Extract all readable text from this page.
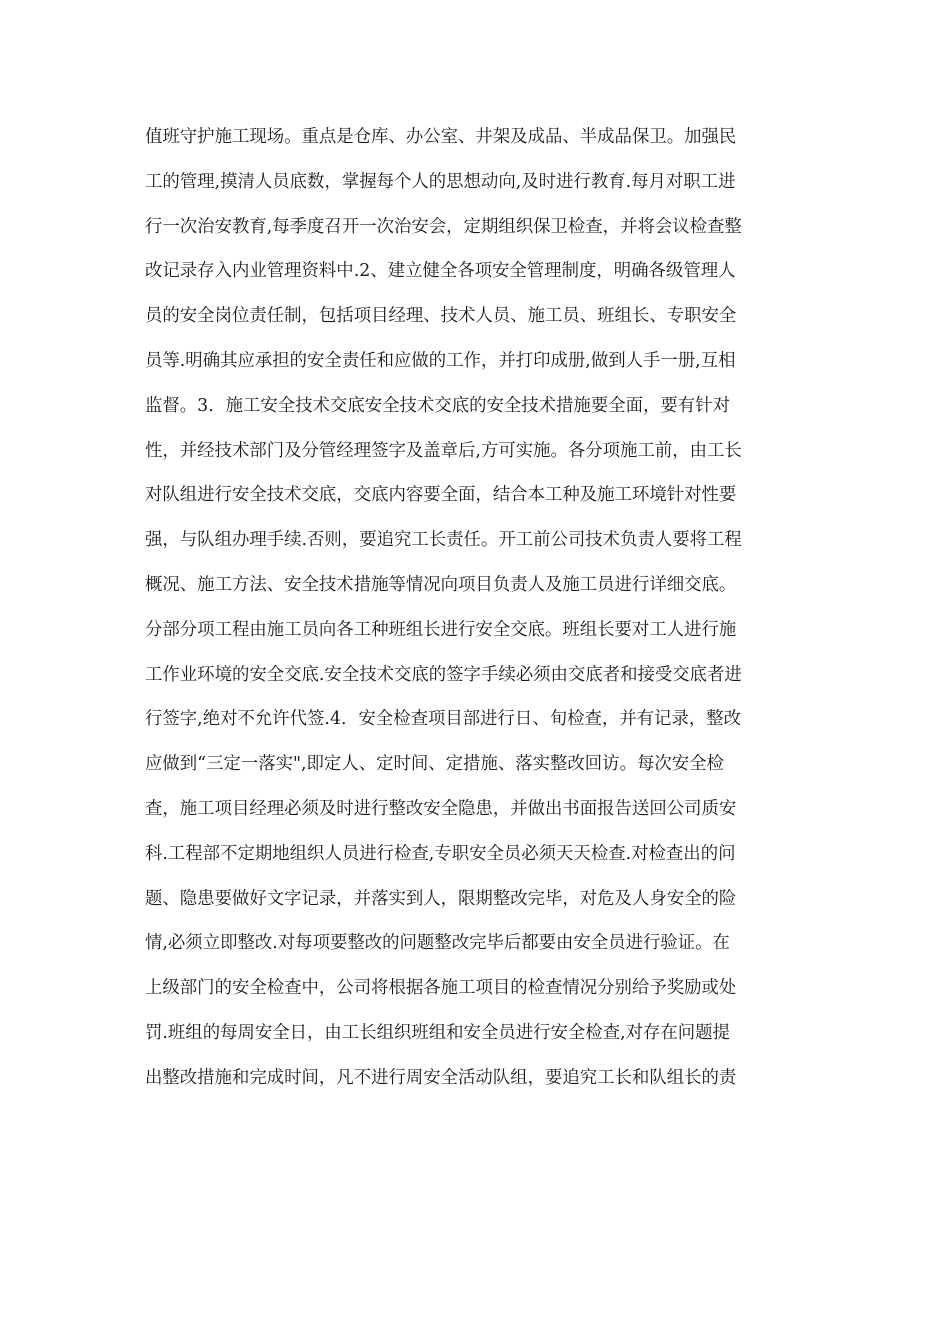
值班守护施工现场。重点是仓库、办公室、井架及成品、半成品保卫。加强民
工的管理,摸清人员底数，掌握每个人的思想动向,及时进行教育.每月对职工进
行一次治安教育,每季度召开一次治安会，定期组织保卫检查，并将会议检查整
改记录存入内业管理资料中.2、建立健全各项安全管理制度，明确各级管理人
员的安全岗位责任制，包括项目经理、技术人员、施工员、班组长、专职安全
员等.明确其应承担的安全责任和应做的工作，并打印成册,做到人手一册,互相
监督。3．施工安全技术交底安全技术交底的安全技术措施要全面，要有针对
性，并经技术部门及分管经理签字及盖章后,方可实施。各分项施工前，由工长
对队组进行安全技术交底，交底内容要全面，结合本工种及施工环境针对性要
强，与队组办理手续.否则，要追究工长责任。开工前公司技术负责人要将工程
概况、施工方法、安全技术措施等情况向项目负责人及施工员进行详细交底。
分部分项工程由施工员向各工种班组长进行安全交底。班组长要对工人进行施
工作业环境的安全交底.安全技术交底的签字手续必须由交底者和接受交底者进
行签字,绝对不允许代签.4．安全检查项目部进行日、旬检查，并有记录，整改
应做到“三定一落实",即定人、定时间、定措施、落实整改回访。每次安全检
查，施工项目经理必须及时进行整改安全隐患，并做出书面报告送回公司质安
科.工程部不定期地组织人员进行检查,专职安全员必须天天检查.对检查出的问
题、隐患要做好文字记录，并落实到人，限期整改完毕，对危及人身安全的险
情,必须立即整改.对每项要整改的问题整改完毕后都要由安全员进行验证。在
上级部门的安全检查中，公司将根据各施工项目的检查情况分别给予奖励或处
罚.班组的每周安全日，由工长组织班组和安全员进行安全检查,对存在问题提
出整改措施和完成时间，凡不进行周安全活动队组，要追究工长和队组长的责
